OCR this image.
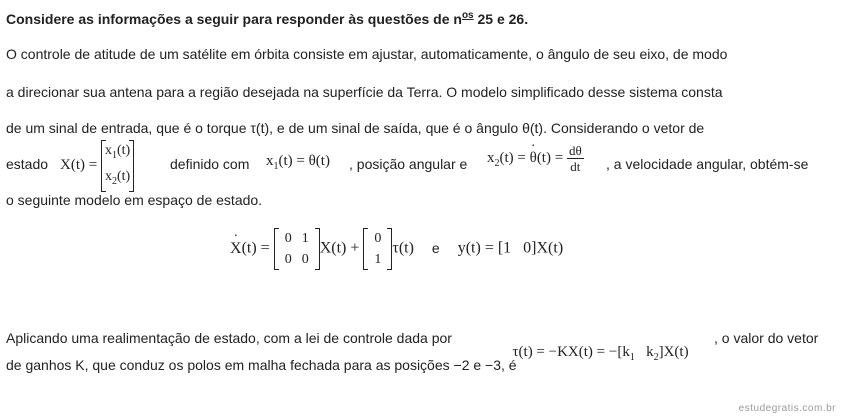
Considere as informações a seguir para responder às questões de $n^{os}$ 25 e 26.
O controle de atitude de um satélite em órbita consiste em ajustar, automaticamente, o ângulo de seu eixo, de modo
a direcionar sua antena para a região desejada na superfície da Terra. O modelo simplificado desse sistema consta
de um sinal de entrada, que é o torque τ(t), e de um sinal de saída, que é o ângulo θ(t). Considerando o vetor de
estado X(t) =
$x_1(t)$
$x_2(t)$
definido com $x_1(t) = \theta(t)$ , posição angular e $x_2(t) = \theta \cdot(t) = \frac{d\theta}{dt}$ , a velocidade angular, obtém-se
o seguinte modelo em espaço de estado.
X ·(t) =
0	1
0	0
X(t) +
0
1
τ(t) e y(t) = [1   0]X(t)
Aplicando uma realimentação de estado, com a lei de controle dada por

$\tau(t) = -KX(t) = -[k_1$   $k_2]X(t)$

, o valor do vetor
de ganhos K, que conduz os polos em malha fechada para as posições −2 e −3, é
estudegratis.com.br
